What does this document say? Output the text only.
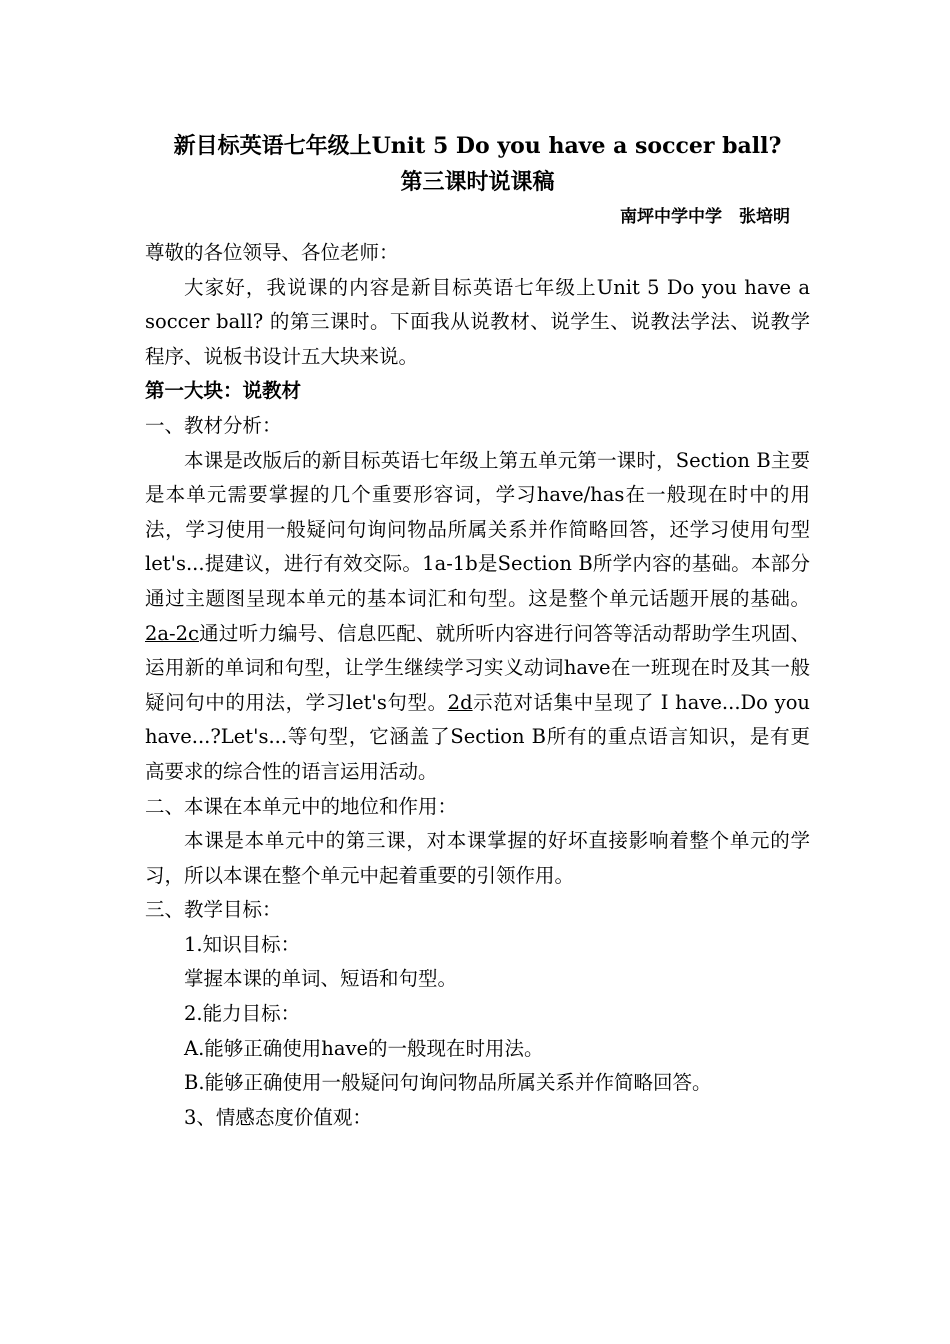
新目标英语七年级上Unit 5 Do you have a soccer ball?
第三课时说课稿
南坪中学中学　张培明

尊敬的各位领导、各位老师：

大家好，我说课的内容是新目标英语七年级上Unit 5 Do you have a soccer ball? 的第三课时。下面我从说教材、说学生、说教法学法、说教学程序、说板书设计五大块来说。

第一大块：说教材

一、教材分析：

本课是改版后的新目标英语七年级上第五单元第一课时，Section B主要是本单元需要掌握的几个重要形容词，学习have/has在一般现在时中的用法，学习使用一般疑问句询问物品所属关系并作简略回答，还学习使用句型let's...提建议，进行有效交际。1a-1b是Section B所学内容的基础。本部分通过主题图呈现本单元的基本词汇和句型。这是整个单元话题开展的基础。2a-2c通过听力编号、信息匹配、就所听内容进行问答等活动帮助学生巩固、运用新的单词和句型，让学生继续学习实义动词have在一班现在时及其一般疑问句中的用法，学习let's句型。2d示范对话集中呈现了 I have...Do you have...?Let's...等句型，它涵盖了Section B所有的重点语言知识，是有更高要求的综合性的语言运用活动。

二、本课在本单元中的地位和作用：

本课是本单元中的第三课，对本课掌握的好坏直接影响着整个单元的学习，所以本课在整个单元中起着重要的引领作用。

三、教学目标：

1.知识目标：

掌握本课的单词、短语和句型。

2.能力目标：

A.能够正确使用have的一般现在时用法。

B.能够正确使用一般疑问句询问物品所属关系并作简略回答。

3、情感态度价值观：
